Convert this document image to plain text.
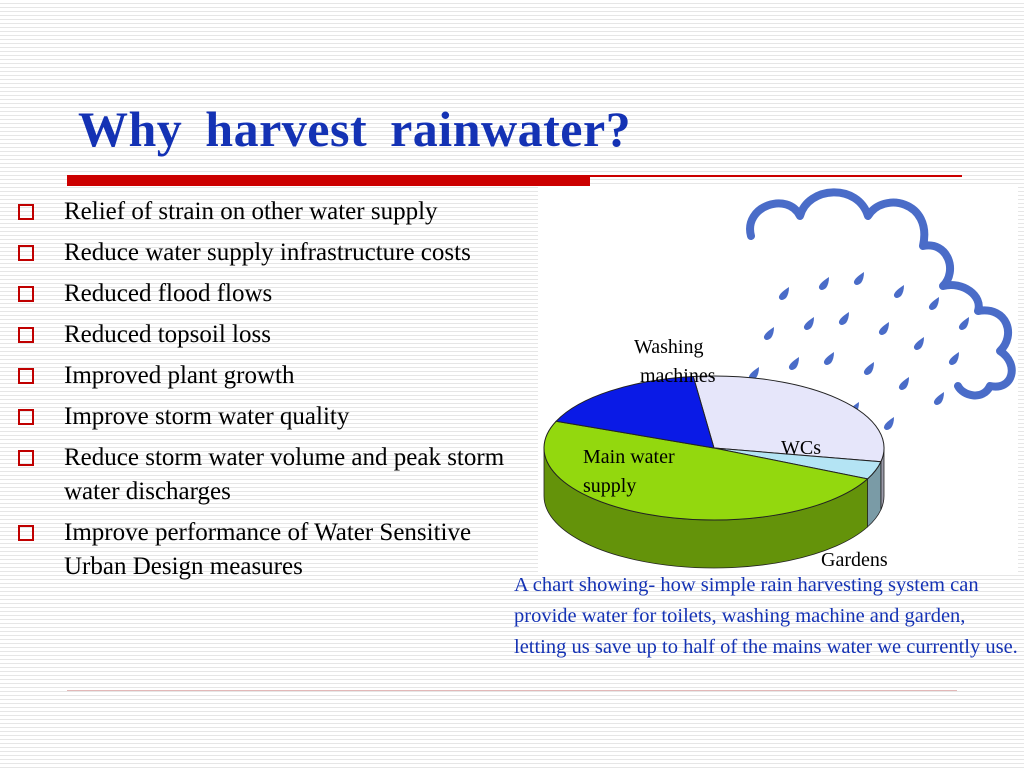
Why harvest rainwater?
Relief of strain on other water supply
Reduce water supply infrastructure costs
Reduced flood flows
Reduced topsoil loss
Improved plant growth
Improve storm water quality
Reduce storm water volume and peak storm water discharges
Improve performance of Water Sensitive Urban Design measures
Washing
machines
Main water
supply
WCs
Gardens

A chart showing- how simple rain harvesting system can provide water for toilets, washing machine and garden, letting us save up to half of the mains water we currently use.
